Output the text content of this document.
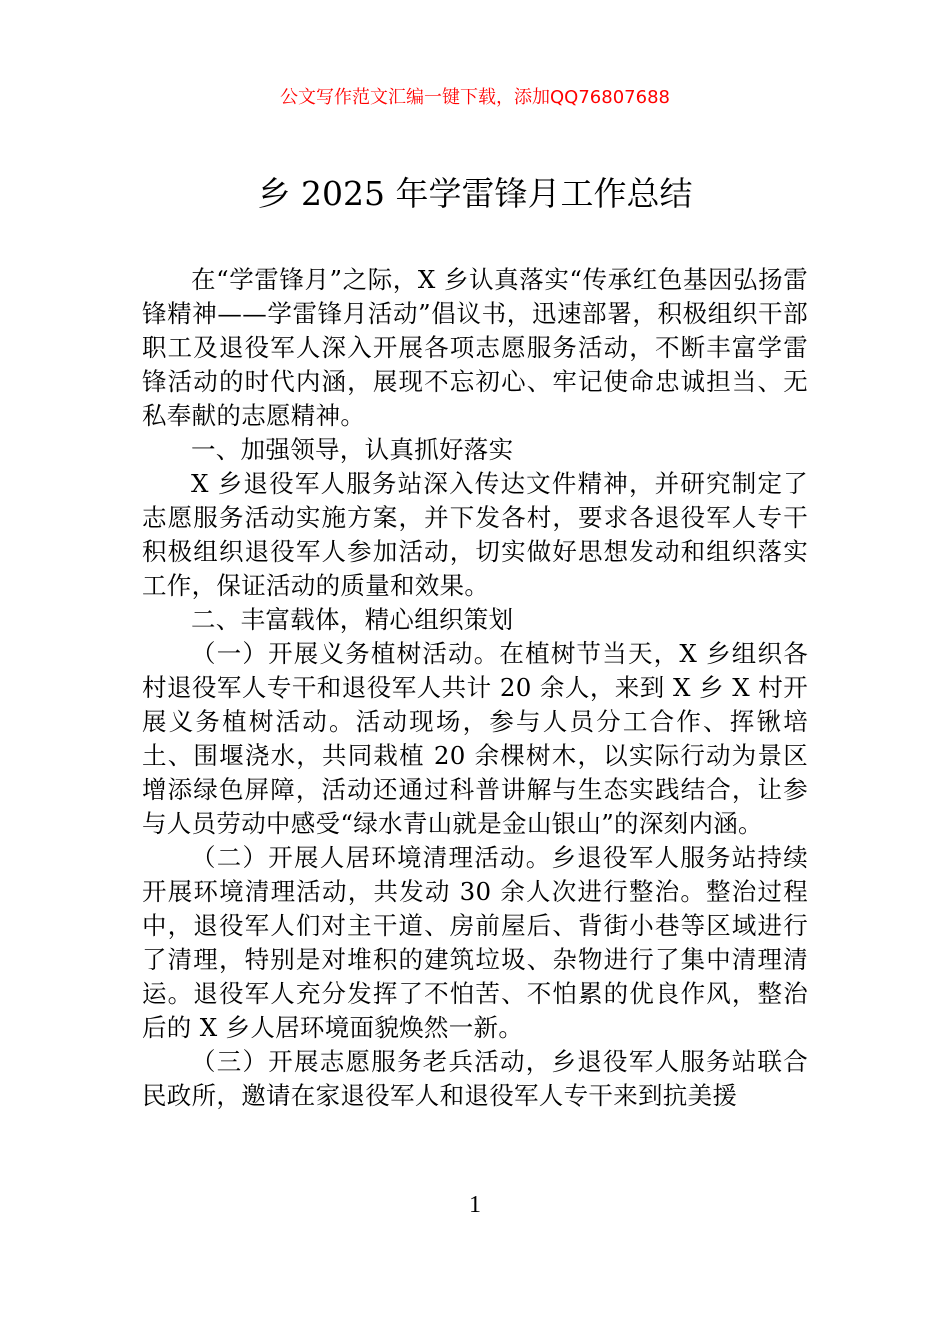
公文写作范文汇编一键下载，添加QQ76807688
乡 2025 年学雷锋月工作总结

在“学雷锋月”之际，X 乡认真落实“传承红色基因弘扬雷锋精神——学雷锋月活动”倡议书，迅速部署，积极组织干部职工及退役军人深入开展各项志愿服务活动，不断丰富学雷锋活动的时代内涵，展现不忘初心、牢记使命忠诚担当、无私奉献的志愿精神。

一、加强领导，认真抓好落实

X 乡退役军人服务站深入传达文件精神，并研究制定了志愿服务活动实施方案，并下发各村，要求各退役军人专干积极组织退役军人参加活动，切实做好思想发动和组织落实工作，保证活动的质量和效果。

二、丰富载体，精心组织策划

（一）开展义务植树活动。在植树节当天，X 乡组织各村退役军人专干和退役军人共计 20 余人，来到 X 乡 X 村开展义务植树活动。活动现场，参与人员分工合作、挥锹培土、围堰浇水，共同栽植 20 余棵树木，以实际行动为景区增添绿色屏障，活动还通过科普讲解与生态实践结合，让参与人员劳动中感受“绿水青山就是金山银山”的深刻内涵。

（二）开展人居环境清理活动。乡退役军人服务站持续开展环境清理活动，共发动 30 余人次进行整治。整治过程中，退役军人们对主干道、房前屋后、背街小巷等区域进行了清理，特别是对堆积的建筑垃圾、杂物进行了集中清理清运。退役军人充分发挥了不怕苦、不怕累的优良作风，整治后的 X 乡人居环境面貌焕然一新。

（三）开展志愿服务老兵活动，乡退役军人服务站联合民政所，邀请在家退役军人和退役军人专干来到抗美援

1
